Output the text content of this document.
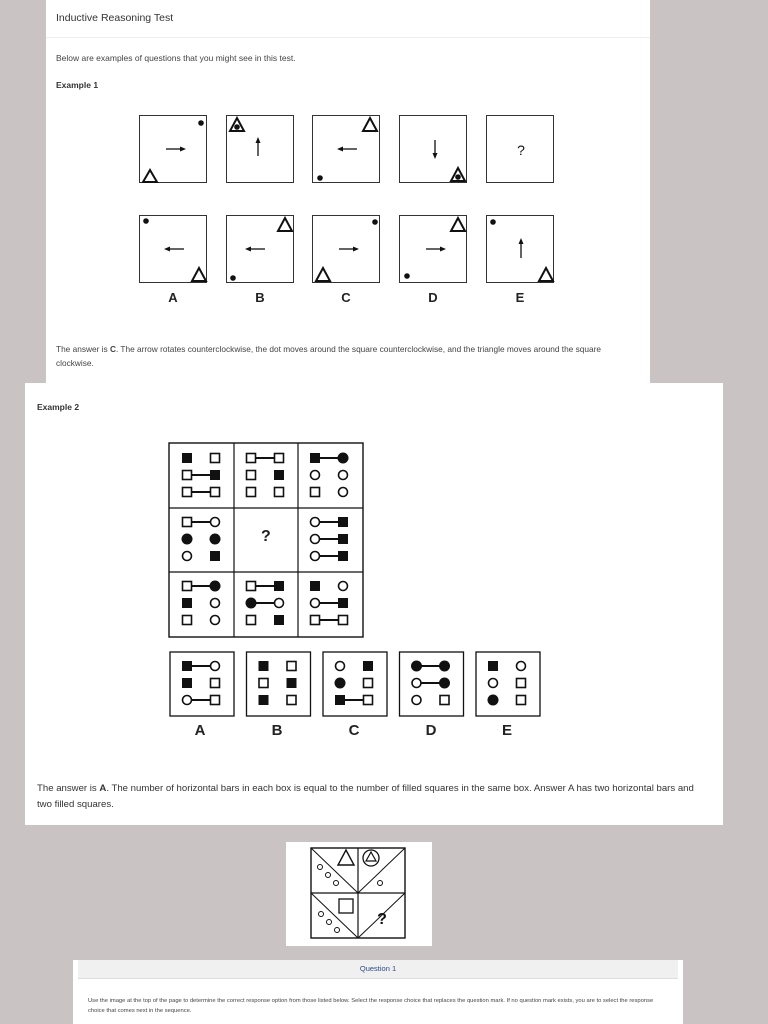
Inductive Reasoning Test
Below are examples of questions that you might see in this test.
Example 1
?
A	B	C	D	E
The answer is C. The arrow rotates counterclockwise, the dot moves around the square counterclockwise, and the triangle moves around the square clockwise.
Example 2
?
A	B	C	D	E
The answer is A. The number of horizontal bars in each box is equal to the number of filled squares in the same box. Answer A has two horizontal bars and two filled squares.
?
Question 1
Use the image at the top of the page to determine the correct response option from those listed below. Select the response choice that replaces the question mark. If no question mark exists, you are to select the response choice that comes next in the sequence.
